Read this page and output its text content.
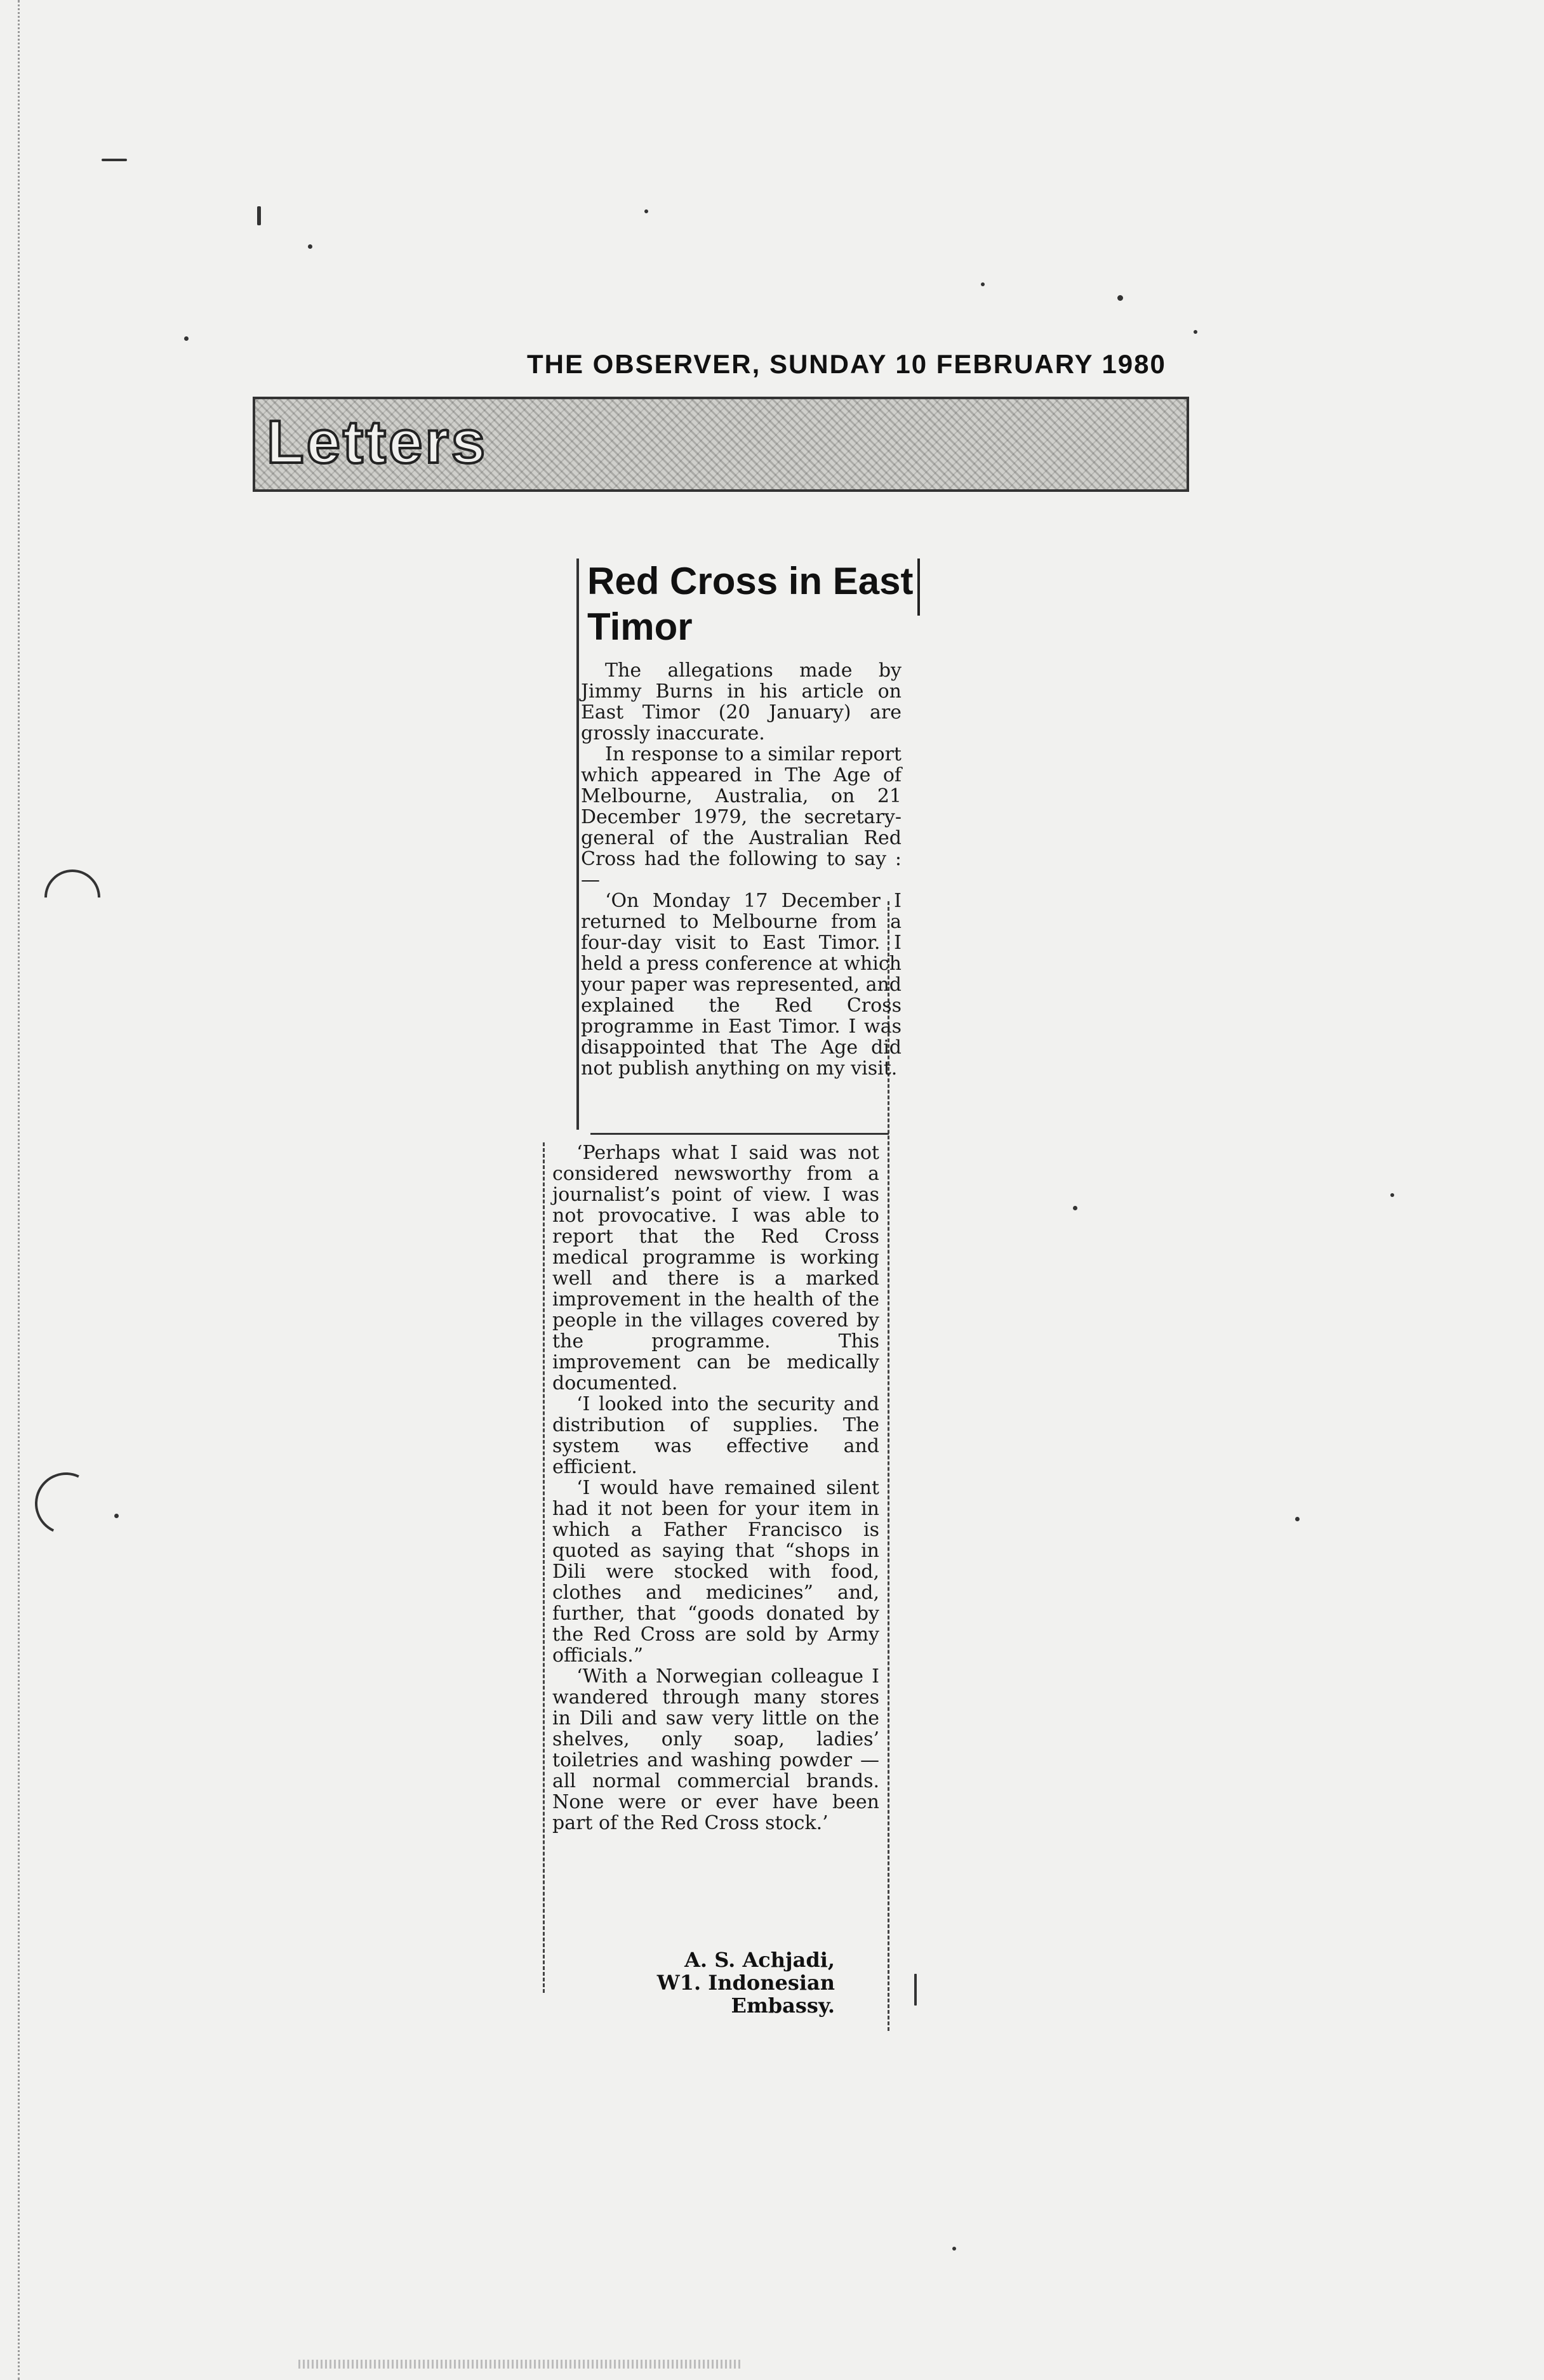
THE OBSERVER, SUNDAY 10 FEBRUARY 1980
Letters
Red Cross in East Timor

The allegations made by Jimmy Burns in his article on East Timor (20 January) are grossly inaccurate.

In response to a similar report which appeared in The Age of Melbourne, Australia, on 21 December 1979, the secretary-general of the Australian Red Cross had the following to say :—

‘On Monday 17 December I returned to Melbourne from a four-day visit to East Timor. I held a press conference at which your paper was represented, and explained the Red Cross programme in East Timor. I was disappointed that The Age did not publish anything on my visit.

‘Perhaps what I said was not considered newsworthy from a journalist’s point of view. I was not provocative. I was able to report that the Red Cross medical programme is working well and there is a marked improvement in the health of the people in the villages covered by the programme. This improvement can be medically documented.

‘I looked into the security and distribution of supplies. The system was effective and efficient.

‘I would have remained silent had it not been for your item in which a Father Francisco is quoted as saying that “shops in Dili were stocked with food, clothes and medicines” and, further, that “goods donated by the Red Cross are sold by Army officials.”

‘With a Norwegian colleague I wandered through many stores in Dili and saw very little on the shelves, only soap, ladies’ toiletries and washing powder — all normal commercial brands. None were or ever have been part of the Red Cross stock.’

A. S. Achjadi,
W1. Indonesian Embassy.
